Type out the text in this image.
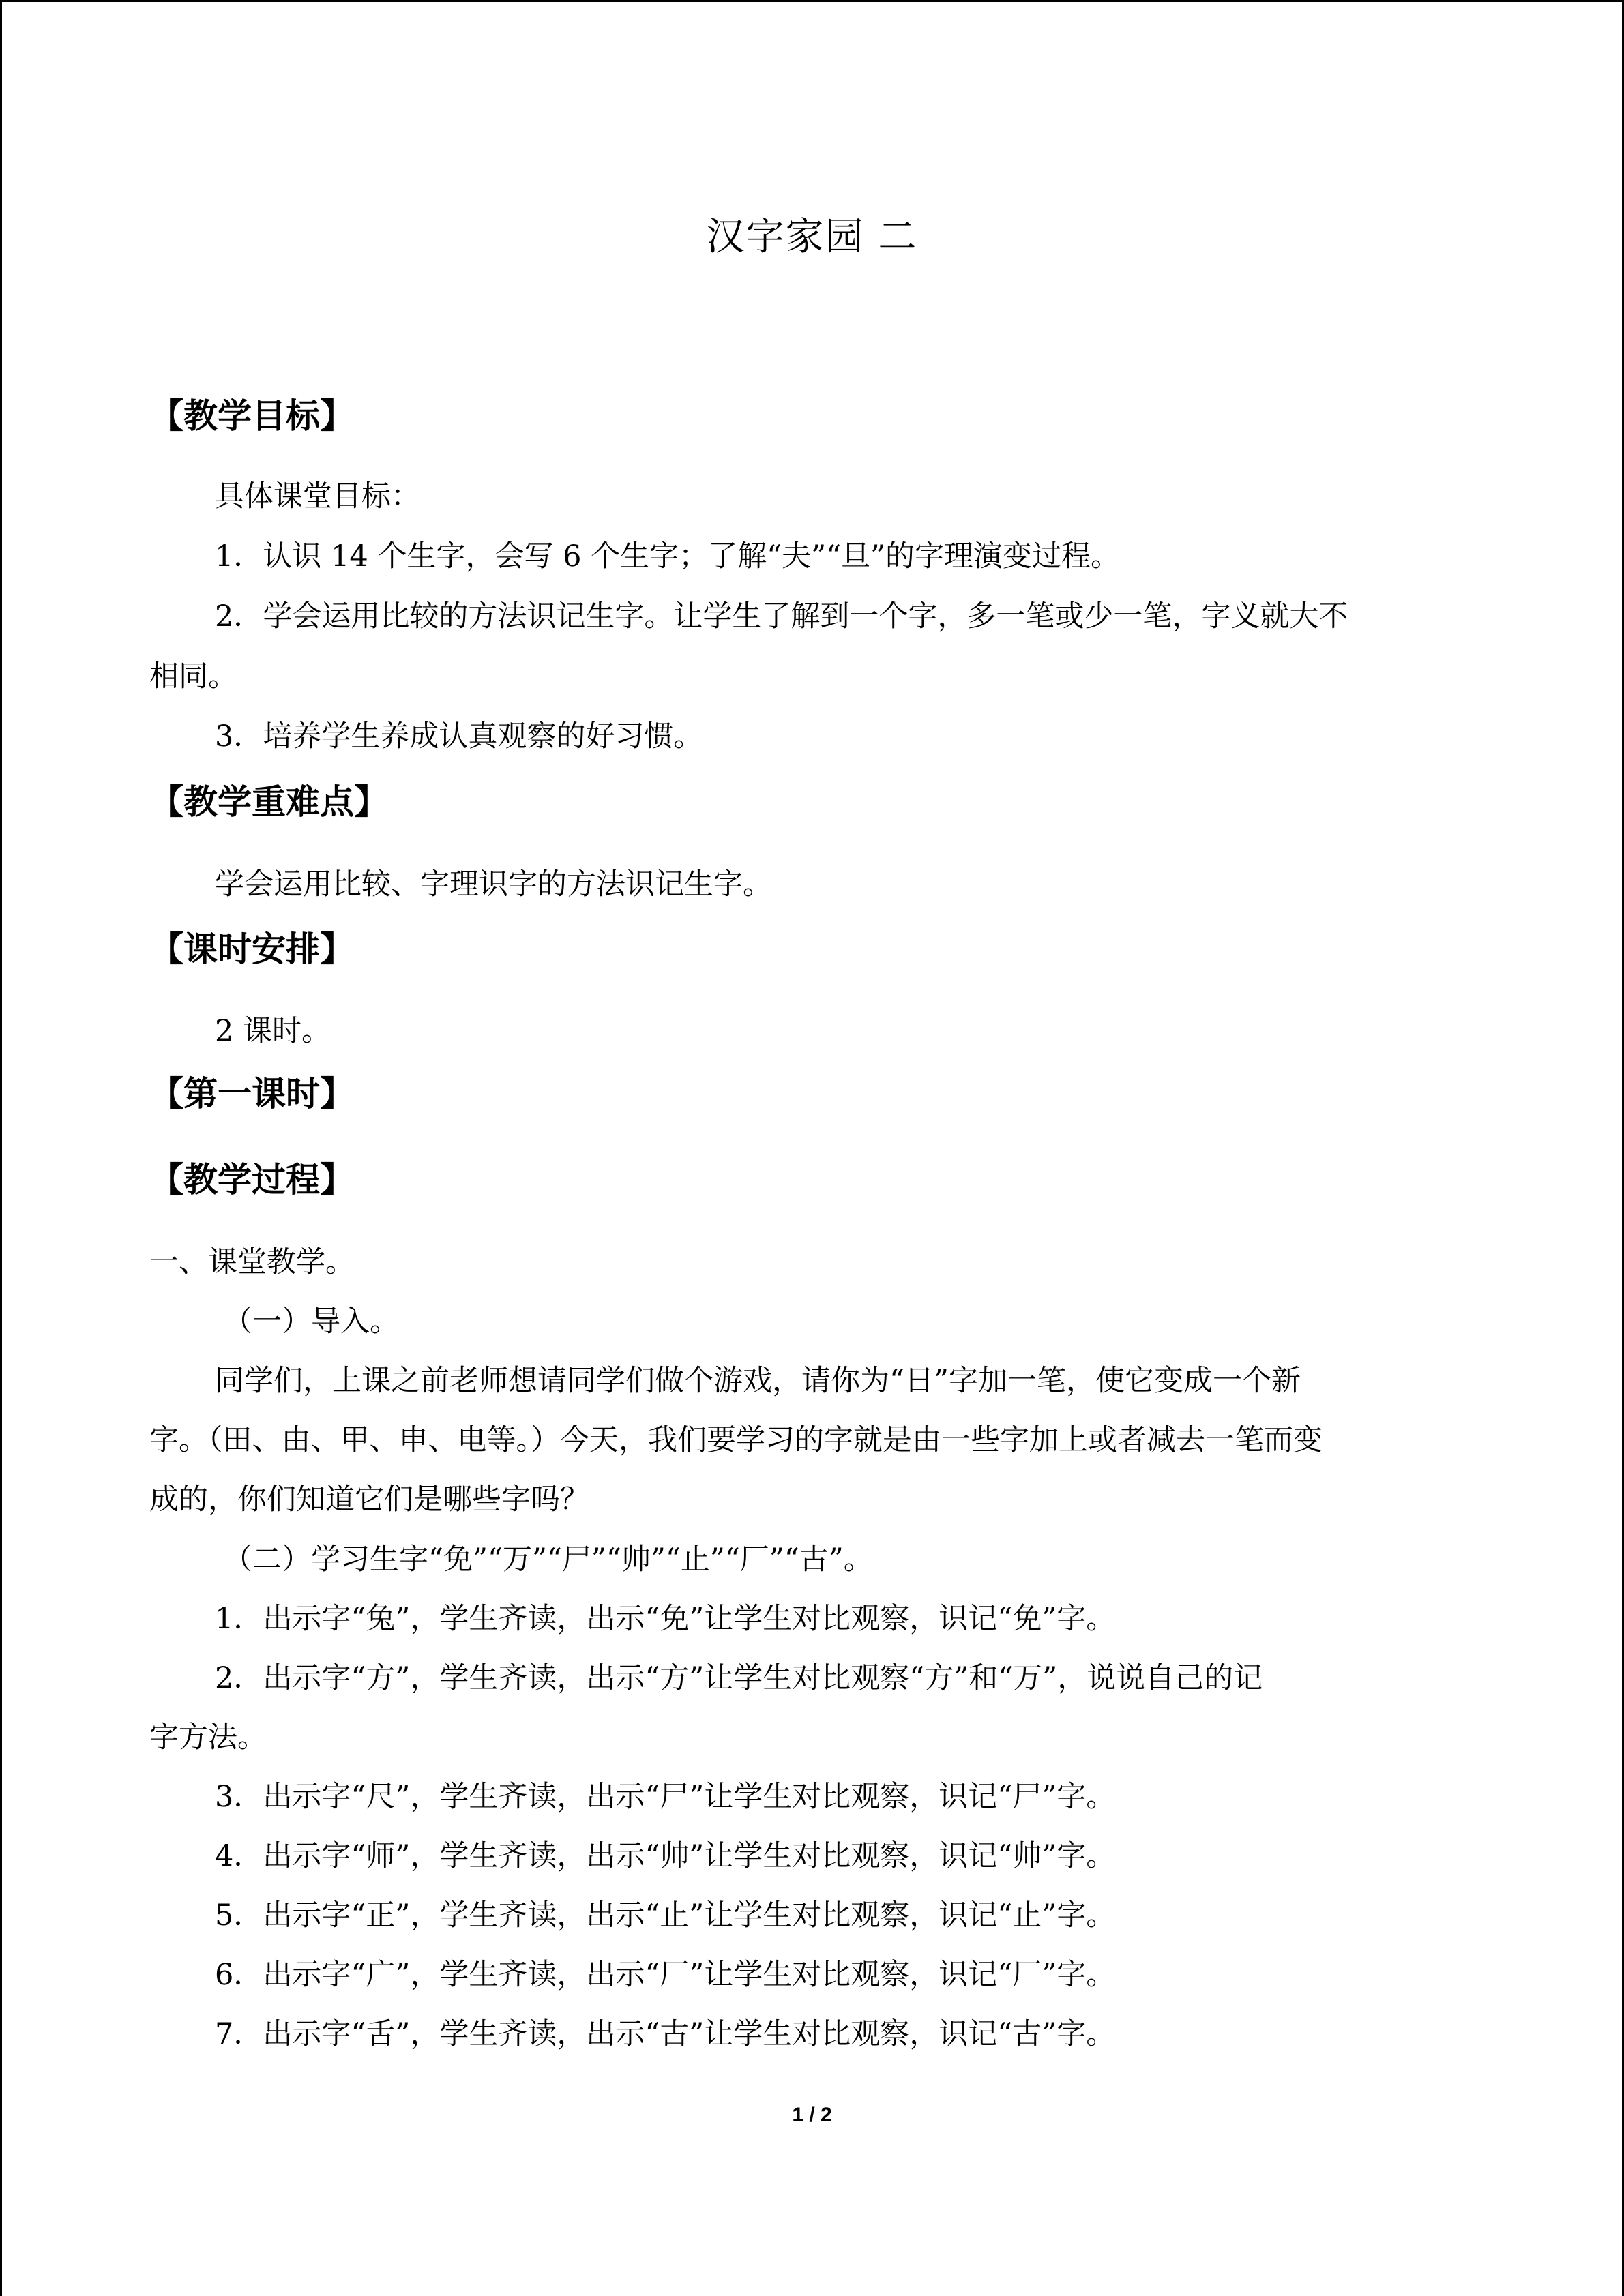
汉字家园 二
【教学目标】
具体课堂目标：
1．认识 14 个生字，会写 6 个生字；了解“夫”“旦”的字理演变过程。
2．学会运用比较的方法识记生字。让学生了解到一个字，多一笔或少一笔，字义就大不
相同。
3．培养学生养成认真观察的好习惯。
【教学重难点】
学会运用比较、字理识字的方法识记生字。
【课时安排】
2 课时。
【第一课时】
【教学过程】
一、课堂教学。
（一）导入。
同学们，上课之前老师想请同学们做个游戏，请你为“日”字加一笔，使它变成一个新
字。（田、由、甲、申、电等。）今天，我们要学习的字就是由一些字加上或者减去一笔而变
成的，你们知道它们是哪些字吗？
（二）学习生字“免”“万”“尸”“帅”“止”“厂”“古”。
1．出示字“兔”，学生齐读，出示“免”让学生对比观察，识记“免”字。
2．出示字“方”，学生齐读，出示“方”让学生对比观察“方”和“万”，说说自己的记
字方法。
3．出示字“尺”，学生齐读，出示“尸”让学生对比观察，识记“尸”字。
4．出示字“师”，学生齐读，出示“帅”让学生对比观察，识记“帅”字。
5．出示字“正”，学生齐读，出示“止”让学生对比观察，识记“止”字。
6．出示字“广”，学生齐读，出示“厂”让学生对比观察，识记“厂”字。
7．出示字“舌”，学生齐读，出示“古”让学生对比观察，识记“古”字。
1 / 2
